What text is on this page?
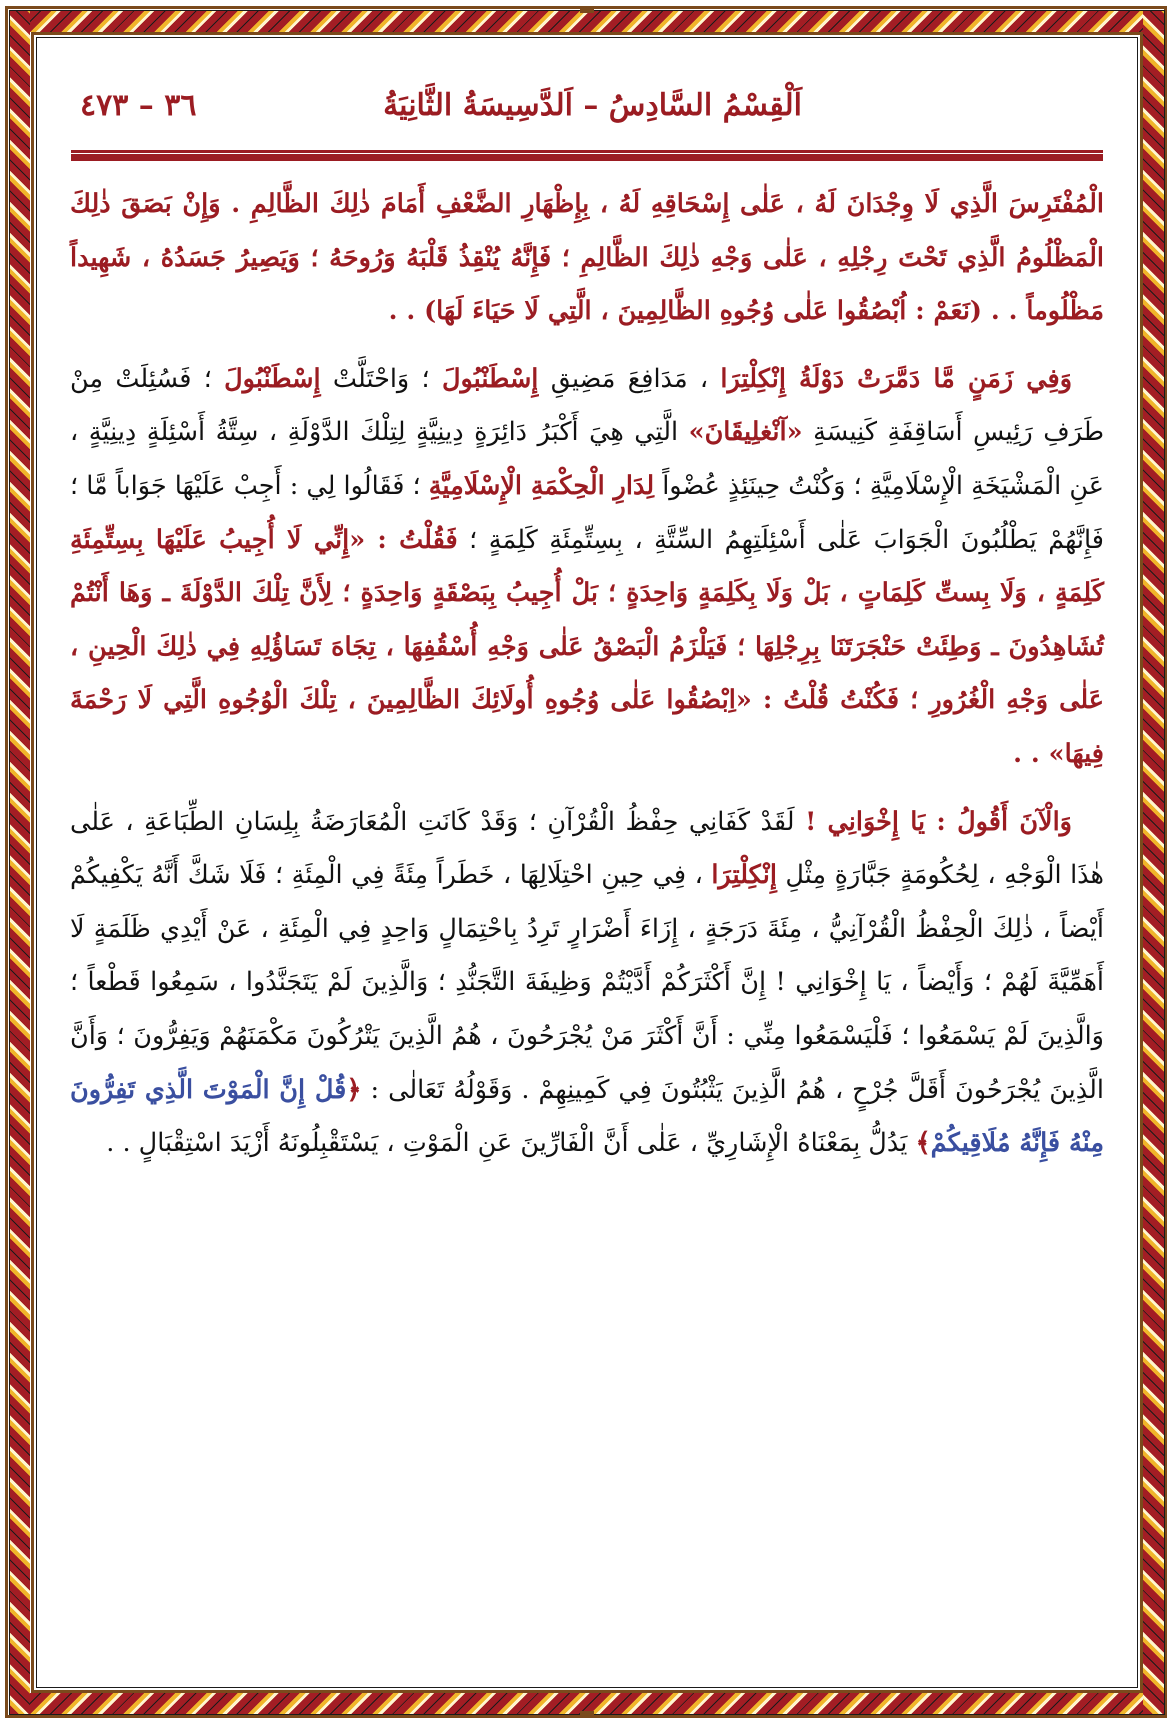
اَلْقِسْمُ السَّادِسُ – اَلدَّسِيسَةُ الثَّانِيَةُ
٣٦ – ٤٧٣

الْمُفْتَرِسَ الَّذِي لَا وِجْدَانَ لَهُ ، عَلٰى إِسْحَاقِهِ لَهُ ، بِإِظْهَارِ الضَّعْفِ أَمَامَ ذٰلِكَ الظَّالِمِ . وَإِنْ بَصَقَ ذٰلِكَ الْمَظْلُومُ الَّذِي تَحْتَ رِجْلِهِ ، عَلٰى وَجْهِ ذٰلِكَ الظَّالِمِ ؛ فَإِنَّهُ يُنْقِذُ قَلْبَهُ وَرُوحَهُ ؛ وَيَصِيرُ جَسَدُهُ ، شَهِيداً مَظْلُوماً . . (نَعَمْ : اُبْصُقُوا عَلٰى وُجُوهِ الظَّالِمِينَ ، الَّتِي لَا حَيَاءَ لَهَا) . .

وَفِي زَمَنٍ مَّا دَمَّرَتْ دَوْلَةُ إِنْكِلْتِرَا ، مَدَافِعَ مَضِيقِ إِسْطَنْبُولَ ؛ وَاحْتَلَّتْ إِسْطَنْبُولَ ؛ فَسُئِلَتْ مِنْ طَرَفِ رَئِيسِ أَسَاقِفَةِ كَنِيسَةِ «آنْغلِيقَانَ» الَّتِي هِيَ أَكْبَرُ دَائِرَةٍ دِينِيَّةٍ لِتِلْكَ الدَّوْلَةِ ، سِتَّةُ أَسْئِلَةٍ دِينِيَّةٍ ، عَنِ الْمَشْيَخَةِ الْإِسْلَامِيَّةِ ؛ وَكُنْتُ حِينَئِذٍ عُضْواً لِدَارِ الْحِكْمَةِ الْإِسْلَامِيَّةِ ؛ فَقَالُوا لِي : أَجِبْ عَلَيْهَا جَوَاباً مَّا ؛ فَإِنَّهُمْ يَطْلُبُونَ الْجَوَابَ عَلٰى أَسْئِلَتِهِمُ السِّتَّةِ ، بِسِتِّمِئَةِ كَلِمَةٍ ؛ فَقُلْتُ : «إِنِّي لَا أُجِيبُ عَلَيْهَا بِسِتِّمِئَةِ كَلِمَةٍ ، وَلَا بِستِّ كَلِمَاتٍ ، بَلْ وَلَا بِكَلِمَةٍ وَاحِدَةٍ ؛ بَلْ أُجِيبُ بِبَصْقَةٍ وَاحِدَةٍ ؛ لِأَنَّ تِلْكَ الدَّوْلَةَ ـ وَهَا أَنْتُمْ تُشَاهِدُونَ ـ وَطِئَتْ حَنْجَرَتَنَا بِرِجْلِهَا ؛ فَيَلْزَمُ الْبَصْقُ عَلٰى وَجْهِ أُسْقُفِهَا ، تِجَاهَ تَسَاؤُلِهِ فِي ذٰلِكَ الْحِينِ ، عَلٰى وَجْهِ الْغُرُورِ ؛ فَكُنْتُ قُلْتُ : «اِبْصُقُوا عَلٰى وُجُوهِ أُولَائِكَ الظَّالِمِينَ ، تِلْكَ الْوُجُوهِ الَّتِي لَا رَحْمَةَ فِيهَا» . .

وَالْآنَ أَقُولُ : يَا إِخْوَانِي ! لَقَدْ كَفَانِي حِفْظُ الْقُرْآنِ ؛ وَقَدْ كَانَتِ الْمُعَارَضَةُ بِلِسَانِ الطِّبَاعَةِ ، عَلٰى هٰذَا الْوَجْهِ ، لِحُكُومَةٍ جَبَّارَةٍ مِثْلِ إِنْكِلْتِرَا ، فِي حِينِ احْتِلَالِهَا ، خَطَراً مِئَةً فِي الْمِئَةِ ؛ فَلَا شَكَّ أَنَّهُ يَكْفِيكُمْ أَيْضاً ، ذٰلِكَ الْحِفْظُ الْقُرْآنِيُّ ، مِئَةَ دَرَجَةٍ ، إِزَاءَ أَضْرَارٍ تَرِدُ بِاحْتِمَالٍ وَاحِدٍ فِي الْمِئَةِ ، عَنْ أَيْدِي ظَلَمَةٍ لَا أَهَمِّيَّةَ لَهُمْ ؛ وَأَيْضاً ، يَا إِخْوَانِي ! إِنَّ أَكْثَرَكُمْ أَدَّيْتُمْ وَظِيفَةَ التَّجَنُّدِ ؛ وَالَّذِينَ لَمْ يَتَجَنَّدُوا ، سَمِعُوا قَطْعاً ؛ وَالَّذِينَ لَمْ يَسْمَعُوا ؛ فَلْيَسْمَعُوا مِنِّي : أَنَّ أَكْثَرَ مَنْ يُجْرَحُونَ ، هُمُ الَّذِينَ يَتْرُكُونَ مَكْمَنَهُمْ وَيَفِرُّونَ ؛ وَأَنَّ الَّذِينَ يُجْرَحُونَ أَقَلَّ جُرْحٍ ، هُمُ الَّذِينَ يَثْبُتُونَ فِي كَمِينِهِمْ . وَقَوْلُهُ تَعَالٰى : ﴿قُلْ إِنَّ الْمَوْتَ الَّذِي تَفِرُّونَ مِنْهُ فَإِنَّهُ مُلَاقِيكُمْ﴾ يَدُلُّ بِمَعْنَاهُ الْإِشَارِيِّ ، عَلٰى أَنَّ الْفَارِّينَ عَنِ الْمَوْتِ ، يَسْتَقْبِلُونَهُ أَزْيَدَ اسْتِقْبَالٍ . .
